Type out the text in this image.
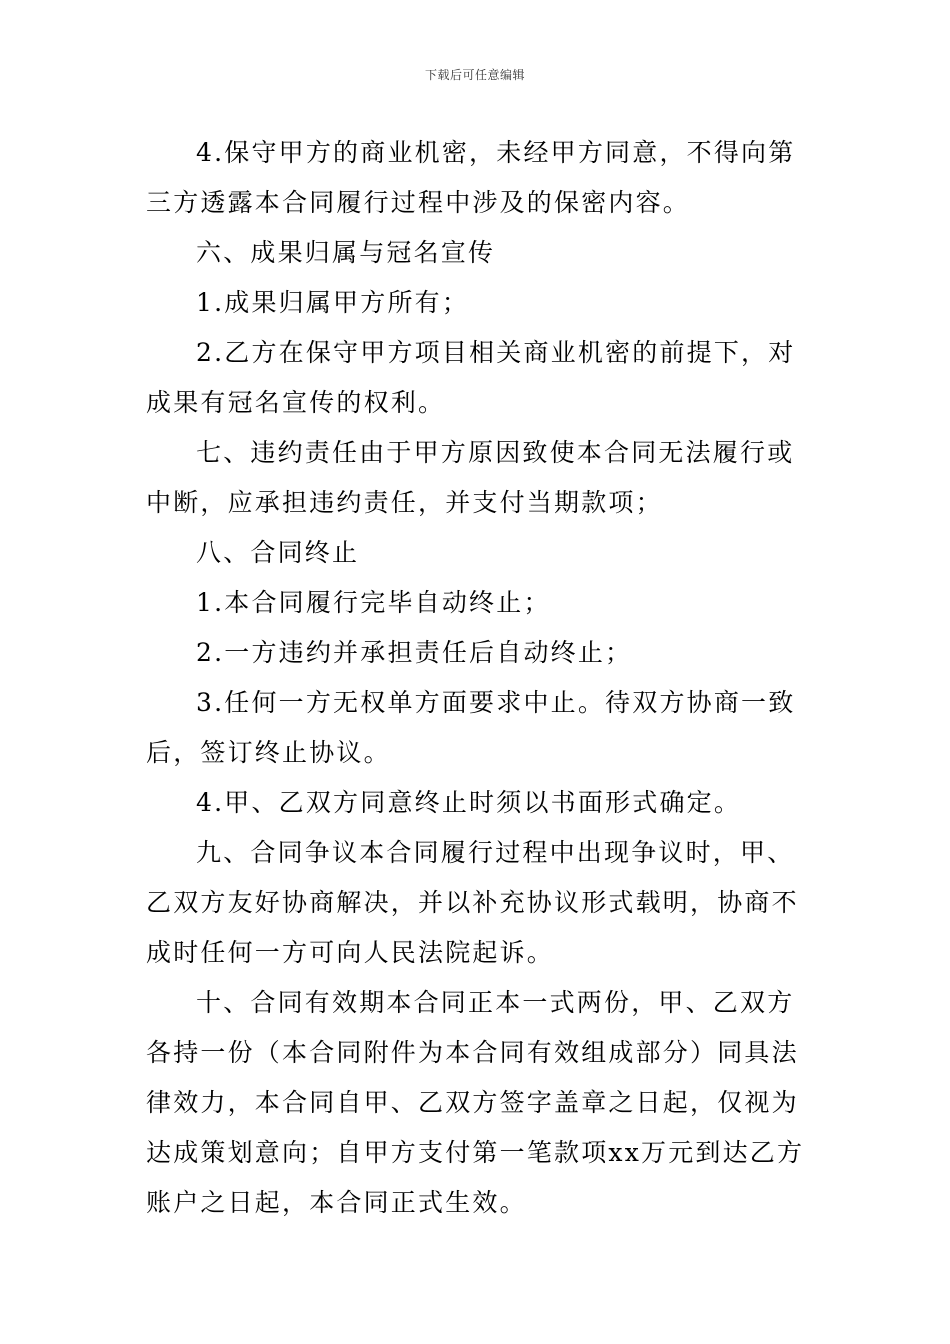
下载后可任意编辑

4.保守甲方的商业机密，未经甲方同意，不得向第三方透露本合同履行过程中涉及的保密内容。

六、成果归属与冠名宣传

1.成果归属甲方所有；

2.乙方在保守甲方项目相关商业机密的前提下，对成果有冠名宣传的权利。

七、违约责任由于甲方原因致使本合同无法履行或中断，应承担违约责任，并支付当期款项；

八、合同终止

1.本合同履行完毕自动终止；

2.一方违约并承担责任后自动终止；

3.任何一方无权单方面要求中止。待双方协商一致后，签订终止协议。

4.甲、乙双方同意终止时须以书面形式确定。

九、合同争议本合同履行过程中出现争议时，甲、乙双方友好协商解决，并以补充协议形式载明，协商不成时任何一方可向人民法院起诉。

十、合同有效期本合同正本一式两份，甲、乙双方各持一份（本合同附件为本合同有效组成部分）同具法律效力，本合同自甲、乙双方签字盖章之日起，仅视为达成策划意向；自甲方支付第一笔款项xx万元到达乙方账户之日起，本合同正式生效。
